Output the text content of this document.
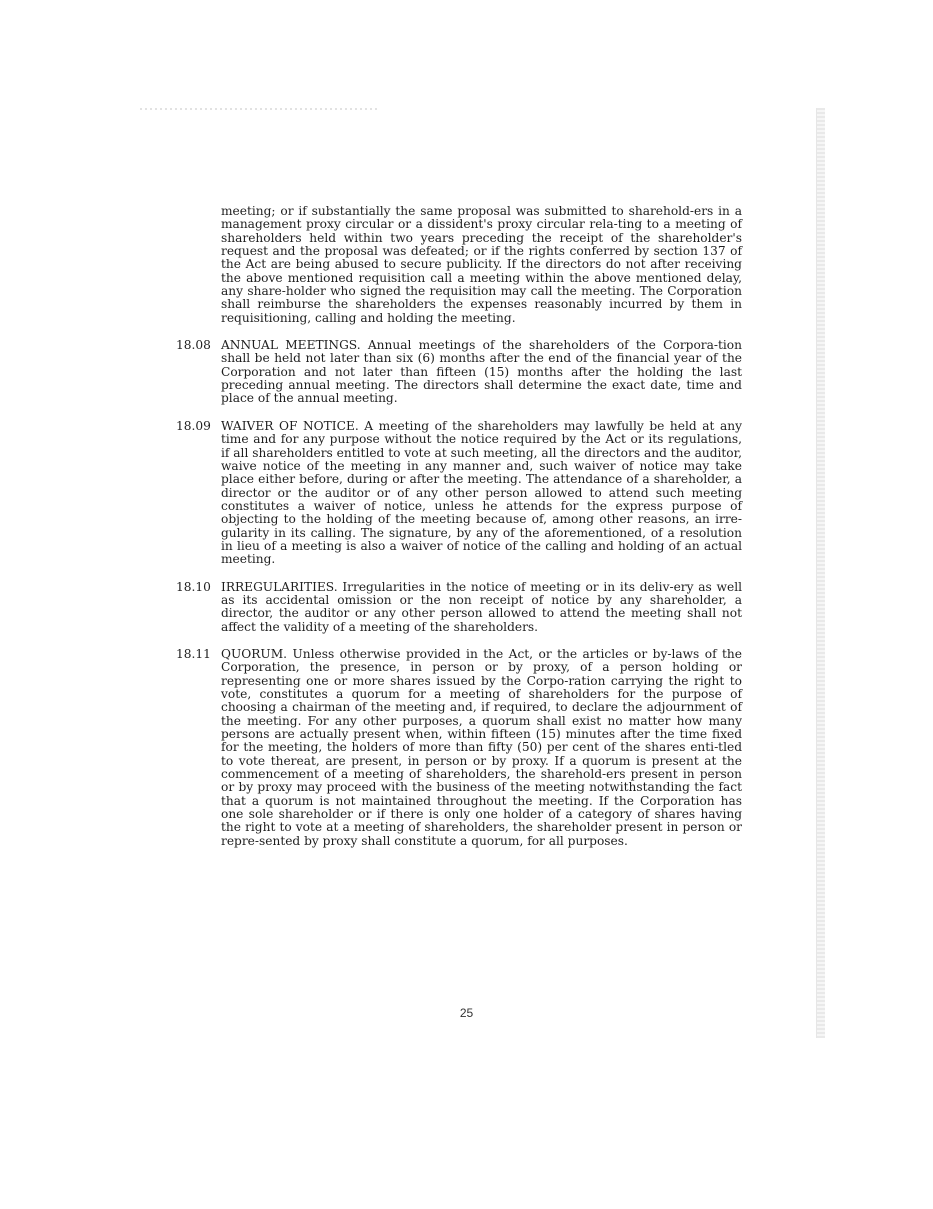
meeting; or if substantially the same proposal was submitted to sharehold-ers in a management proxy circular or a dissident's proxy circular rela-ting to a meeting of shareholders held within two years preceding the receipt of the shareholder's request and the proposal was defeated; or if the rights conferred by section 137 of the Act are being abused to secure publicity. If the directors do not after receiving the above mentioned requisition call a meeting within the above mentioned delay, any share-holder who signed the requisition may call the meeting. The Corporation shall reimburse the shareholders the expenses reasonably incurred by them in requisitioning, calling and holding the meeting.

18.08 ANNUAL MEETINGS. Annual meetings of the shareholders of the Corpora-tion shall be held not later than six (6) months after the end of the financial year of the Corporation and not later than fifteen (15) months after the holding the last preceding annual meeting. The directors shall determine the exact date, time and place of the annual meeting.
18.09 WAIVER OF NOTICE. A meeting of the shareholders may lawfully be held at any time and for any purpose without the notice required by the Act or its regulations, if all shareholders entitled to vote at such meeting, all the directors and the auditor, waive notice of the meeting in any manner and, such waiver of notice may take place either before, during or after the meeting. The attendance of a shareholder, a director or the auditor or of any other person allowed to attend such meeting constitutes a waiver of notice, unless he attends for the express purpose of objecting to the holding of the meeting because of, among other reasons, an irre-gularity in its calling. The signature, by any of the aforementioned, of a resolution in lieu of a meeting is also a waiver of notice of the calling and holding of an actual meeting.
18.10 IRREGULARITIES. Irregularities in the notice of meeting or in its deliv-ery as well as its accidental omission or the non receipt of notice by any shareholder, a director, the auditor or any other person allowed to attend the meeting shall not affect the validity of a meeting of the shareholders.
18.11 QUORUM. Unless otherwise provided in the Act, or the articles or by-laws of the Corporation, the presence, in person or by proxy, of a person holding or representing one or more shares issued by the Corpo-ration carrying the right to vote, constitutes a quorum for a meeting of shareholders for the purpose of choosing a chairman of the meeting and, if required, to declare the adjournment of the meeting. For any other purposes, a quorum shall exist no matter how many persons are actually present when, within fifteen (15) minutes after the time fixed for the meeting, the holders of more than fifty (50) per cent of the shares enti-tled to vote thereat, are present, in person or by proxy. If a quorum is present at the commencement of a meeting of shareholders, the sharehold-ers present in person or by proxy may proceed with the business of the meeting notwithstanding the fact that a quorum is not maintained throughout the meeting. If the Corporation has one sole shareholder or if there is only one holder of a category of shares having the right to vote at a meeting of shareholders, the shareholder present in person or repre-sented by proxy shall constitute a quorum, for all purposes.
25
